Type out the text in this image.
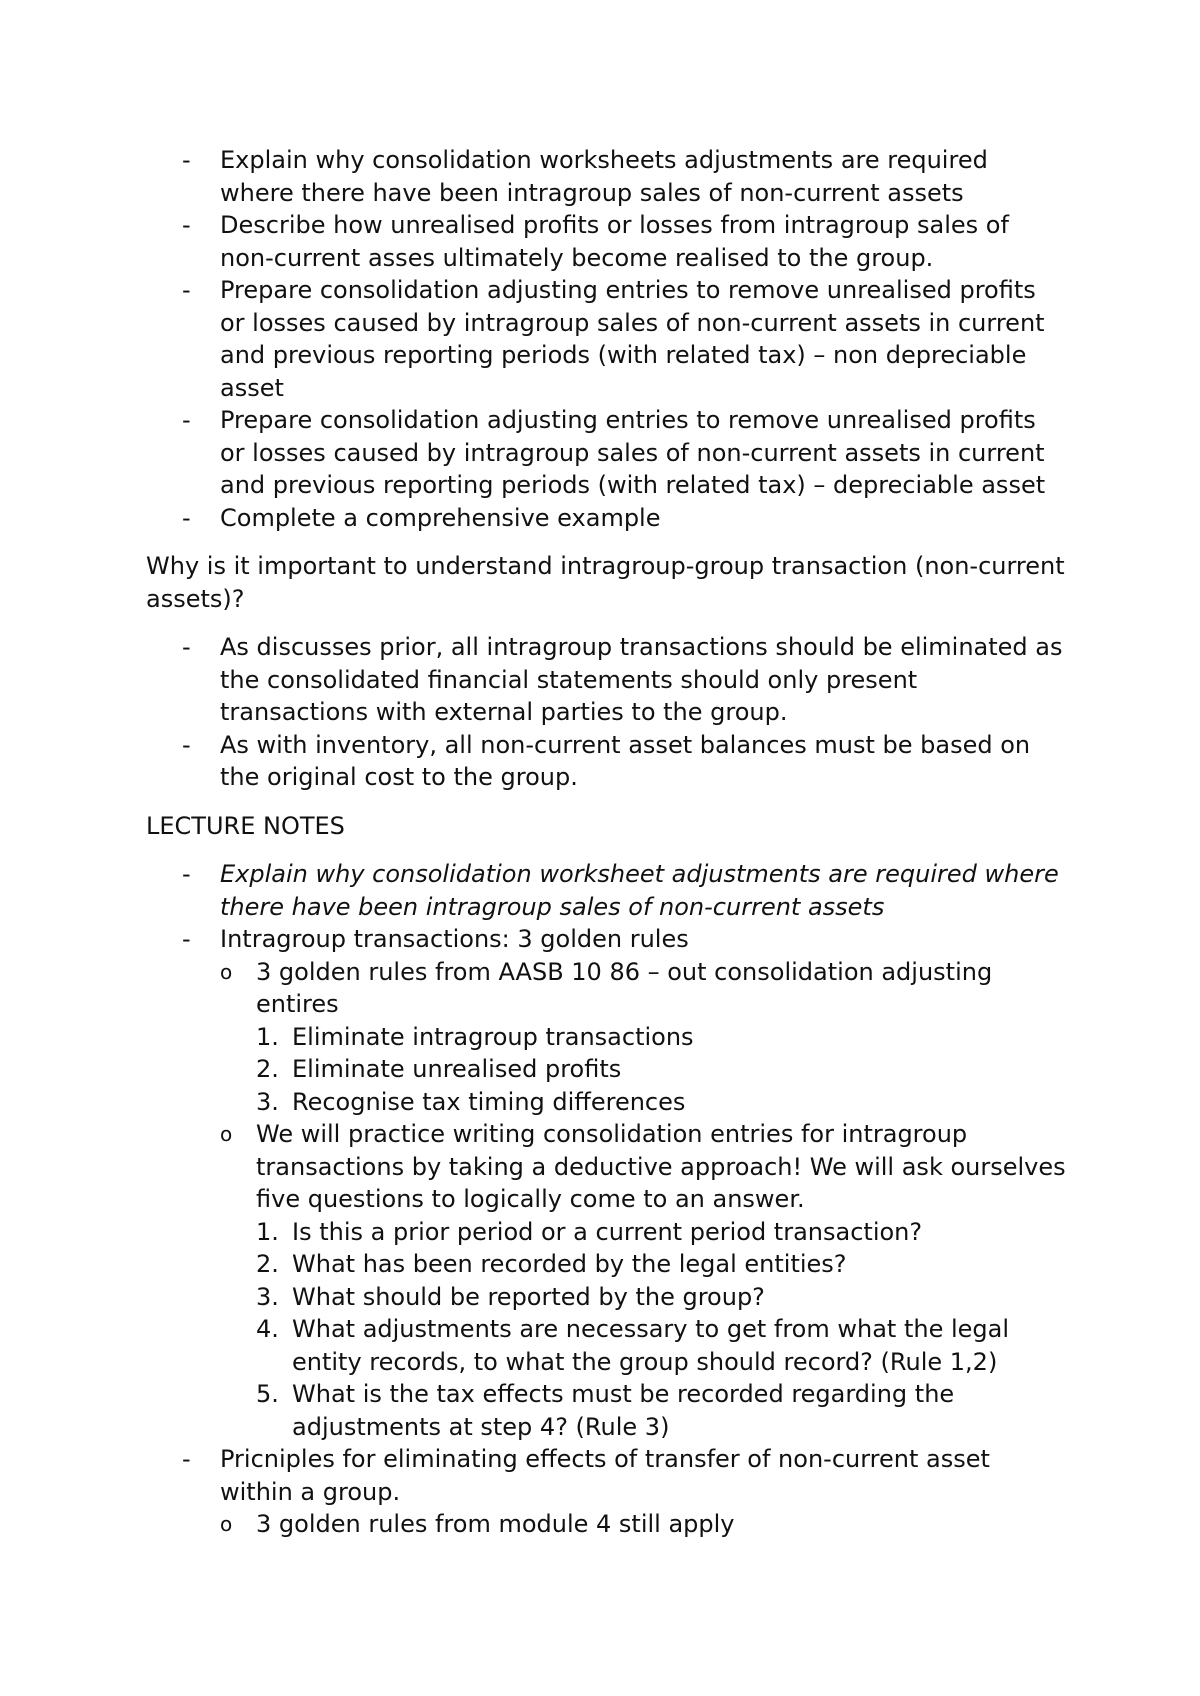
- Explain why consolidation worksheets adjustments are required where there have been intragroup sales of non-current assets
- Describe how unrealised profits or losses from intragroup sales of non-current asses ultimately become realised to the group.
- Prepare consolidation adjusting entries to remove unrealised profits or losses caused by intragroup sales of non-current assets in current and previous reporting periods (with related tax) – non depreciable asset
- Prepare consolidation adjusting entries to remove unrealised profits or losses caused by intragroup sales of non-current assets in current and previous reporting periods (with related tax) – depreciable asset
- Complete a comprehensive example

Why is it important to understand intragroup-group transaction (non-current assets)?

- As discusses prior, all intragroup transactions should be eliminated as the consolidated financial statements should only present transactions with external parties to the group.
- As with inventory, all non-current asset balances must be based on the original cost to the group.

LECTURE NOTES

- Explain why consolidation worksheet adjustments are required where there have been intragroup sales of non-current assets
- Intragroup transactions: 3 golden rules
o 3 golden rules from AASB 10 86 – out consolidation adjusting entires
1. Eliminate intragroup transactions
2. Eliminate unrealised profits
3. Recognise tax timing differences
o We will practice writing consolidation entries for intragroup transactions by taking a deductive approach! We will ask ourselves five questions to logically come to an answer.
1. Is this a prior period or a current period transaction?
2. What has been recorded by the legal entities?
3. What should be reported by the group?
4. What adjustments are necessary to get from what the legal entity records, to what the group should record? (Rule 1,2)
5. What is the tax effects must be recorded regarding the adjustments at step 4? (Rule 3)
- Pricniples for eliminating effects of transfer of non-current asset within a group.
o 3 golden rules from module 4 still apply
